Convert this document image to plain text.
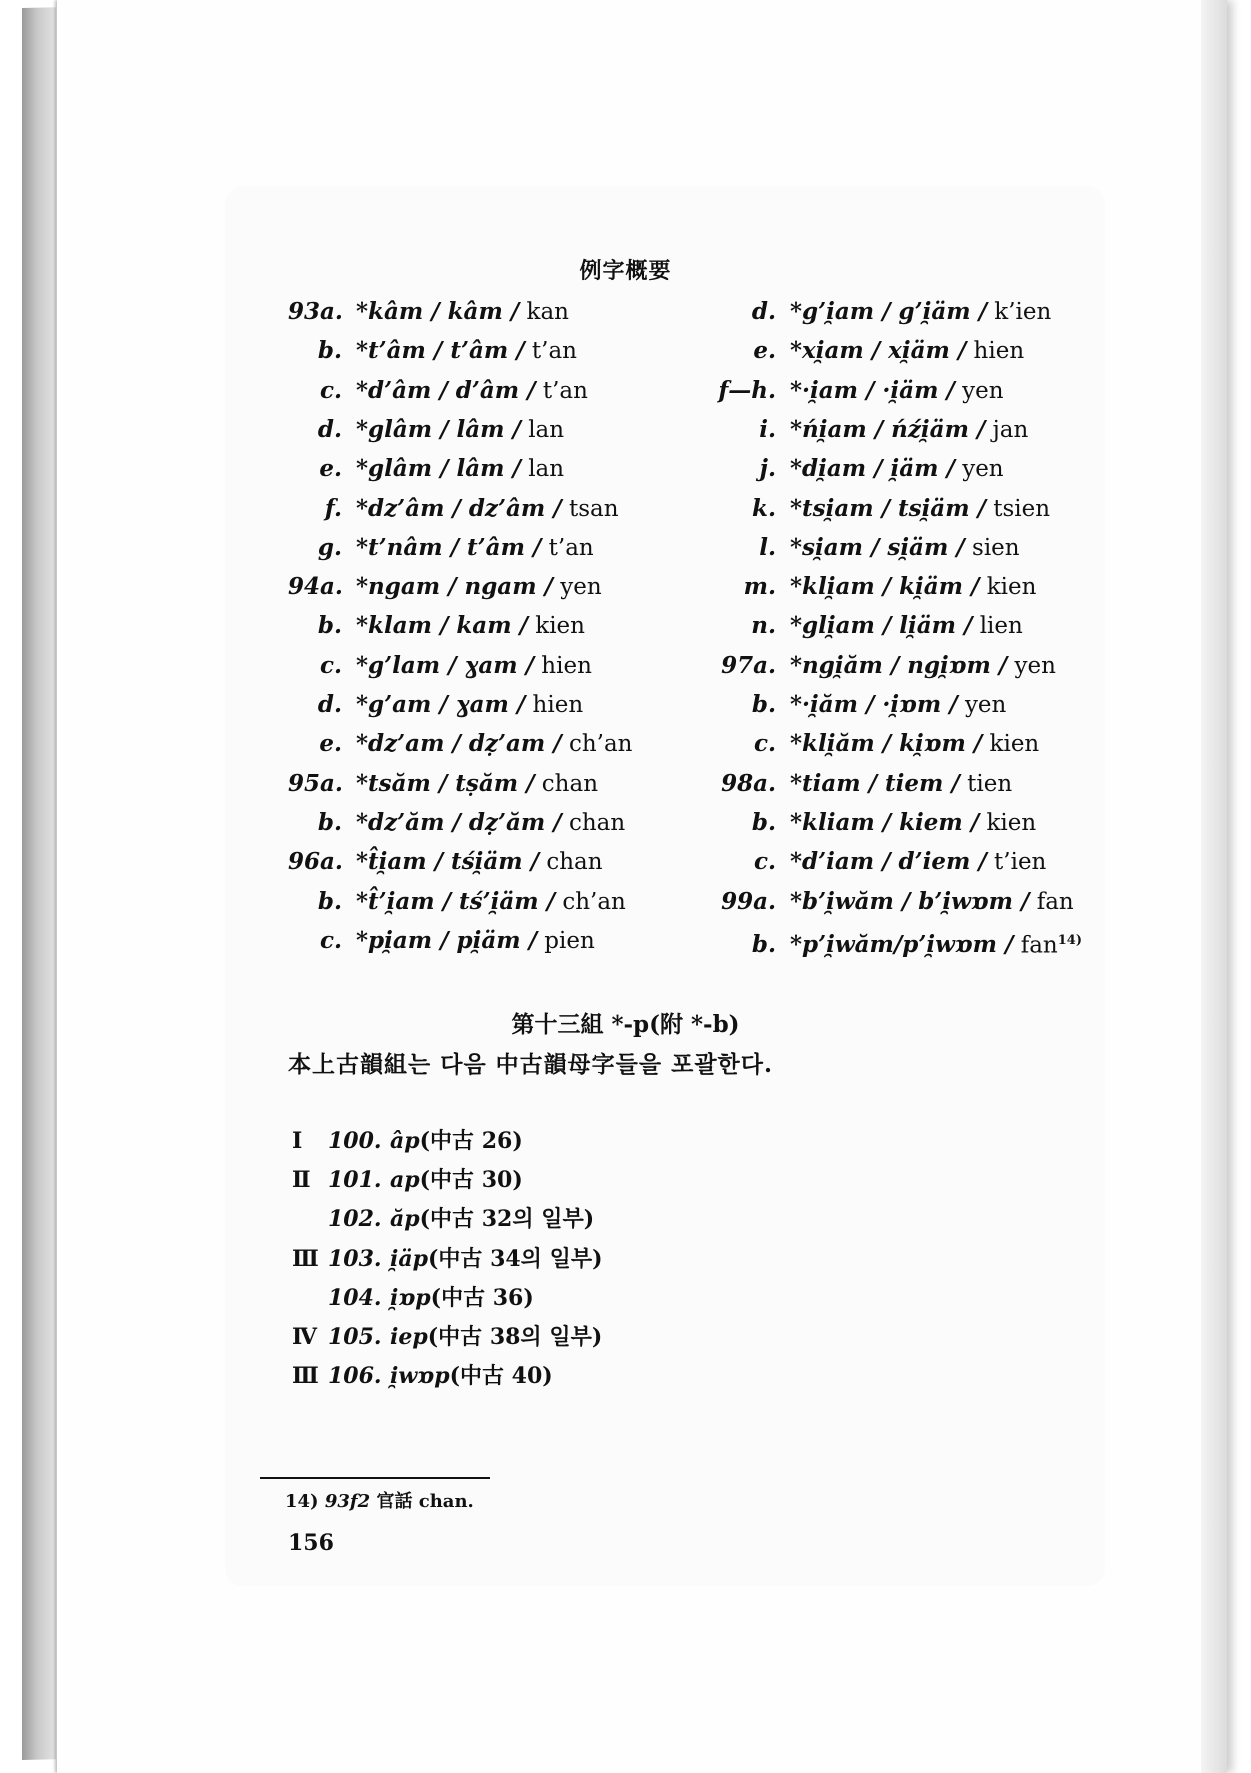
例字概要
93a. *kâm / kâm / kan
b. *t’âm / t’âm / t’an
c. *d’âm / d’âm / t’an
d. *glâm / lâm / lan
e. *glâm / lâm / lan
f. *dz’âm / dz’âm / tsan
g. *t’nâm / t’âm / t’an
94a. *ngam / ngam / yen
b. *klam / kam / kien
c. *g’lam / ɣam / hien
d. *g’am / ɣam / hien
e. *dz’am / dẓ’am / ch’an
95a. *tsăm / tṣăm / chan
b. *dz’ăm / dẓ’ăm / chan
96a. *t̂i̯am / tśi̯äm / chan
b. *t̂’i̯am / tś’i̯äm / ch’an
c. *pi̯am / pi̯äm / pien
d. *g’i̯am / g’i̯äm / k’ien
e. *xi̯am / xi̯äm / hien
f—h. *·i̯am / ·i̯äm / yen
i. *ńi̯am / ńźi̯äm / jan
j. *di̯am / i̯äm / yen
k. *tsi̯am / tsi̯äm / tsien
l. *si̯am / si̯äm / sien
m. *kli̯am / ki̯äm / kien
n. *gli̯am / li̯äm / lien
97a. *ngi̯ăm / ngi̯ɒm / yen
b. *·i̯ăm / ·i̯ɒm / yen
c. *kli̯ăm / ki̯ɒm / kien
98a. *tiam / tiem / tien
b. *kliam / kiem / kien
c. *d’iam / d’iem / t’ien
99a. *b’i̯wăm / b’i̯wɒm / fan
b. *p’i̯wăm/p’i̯wɒm / fan$^{14)}$
第十三組 *-p(附 *-b)
本上古韻組는 다음 中古韻母字들을 포괄한다.
Ⅰ 100. âp(中古 26)
Ⅱ 101. ap(中古 30)
102. ăp(中古 32의 일부)
Ⅲ 103. i̯äp(中古 34의 일부)
104. i̯ɒp(中古 36)
Ⅳ 105. iep(中古 38의 일부)
Ⅲ 106. i̯wɒp(中古 40)
14) 93f2 官話 chan.
156
